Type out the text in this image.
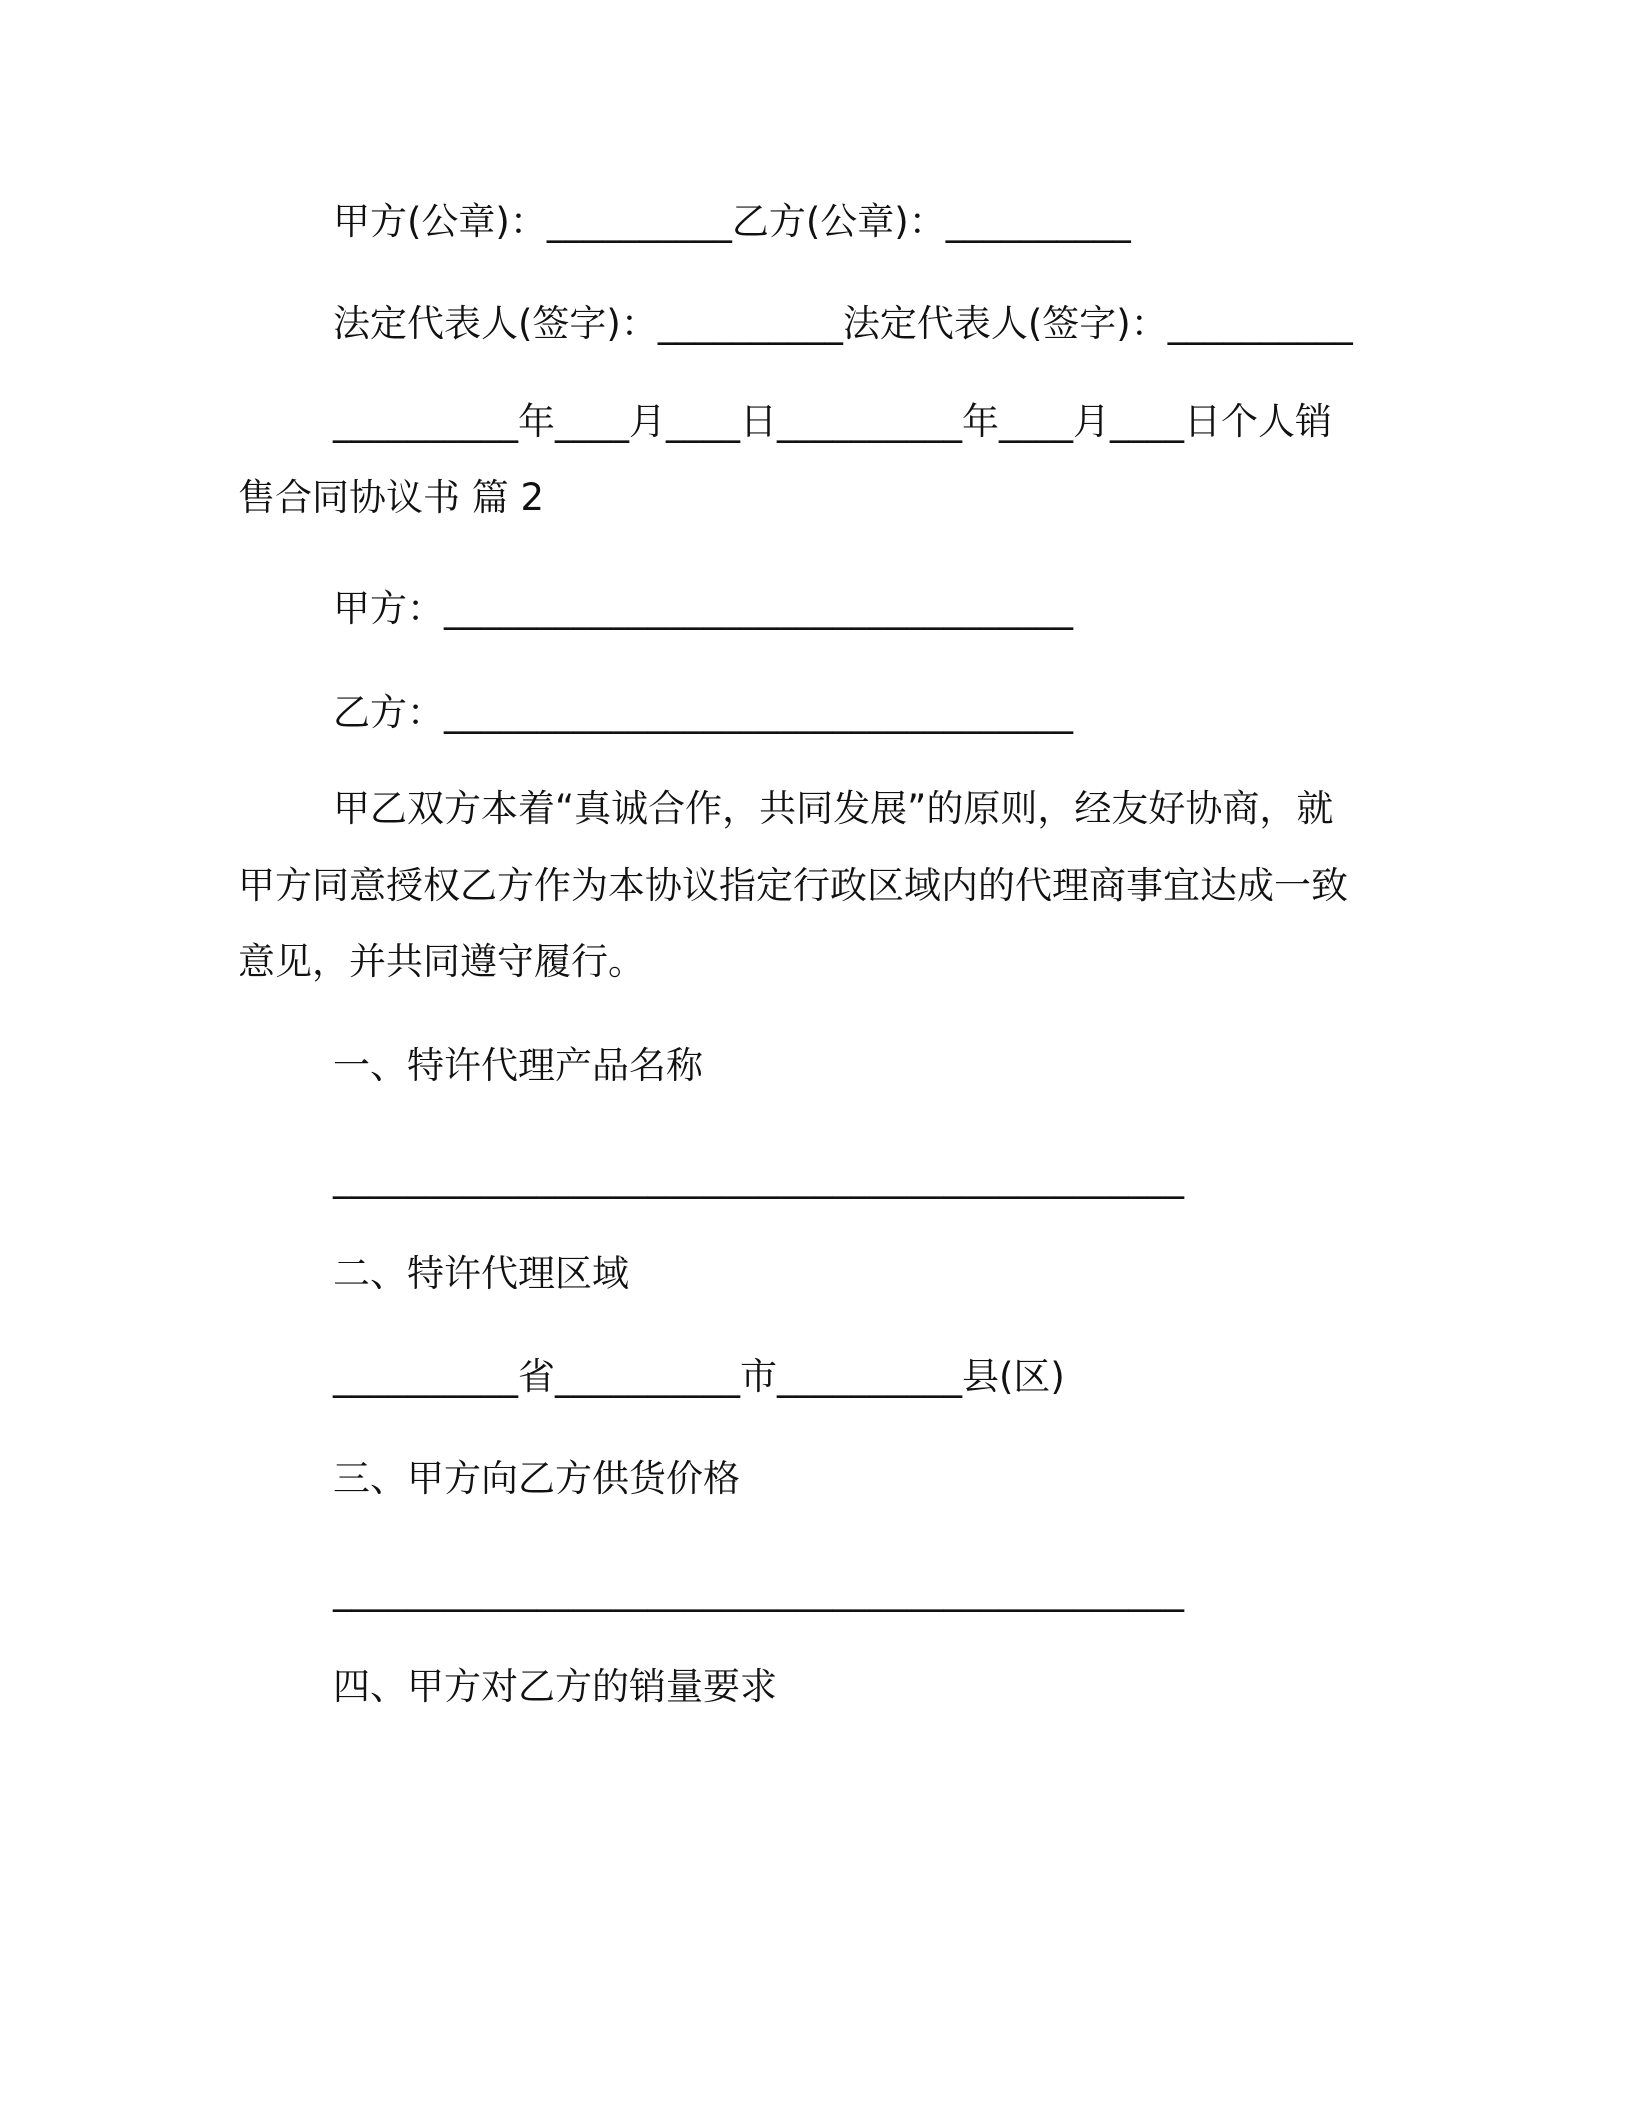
甲方(公章)：__________乙方(公章)：__________
法定代表人(签字)：__________法定代表人(签字)：__________
__________年____月____日__________年____月____日个人销
售合同协议书 篇 2
甲方：__________________________________
乙方：__________________________________
甲乙双方本着“真诚合作，共同发展”的原则，经友好协商，就
甲方同意授权乙方作为本协议指定行政区域内的代理商事宜达成一致
意见，并共同遵守履行。
一、特许代理产品名称
______________________________________________
二、特许代理区域
__________省__________市__________县(区)
三、甲方向乙方供货价格
______________________________________________
四、甲方对乙方的销量要求
